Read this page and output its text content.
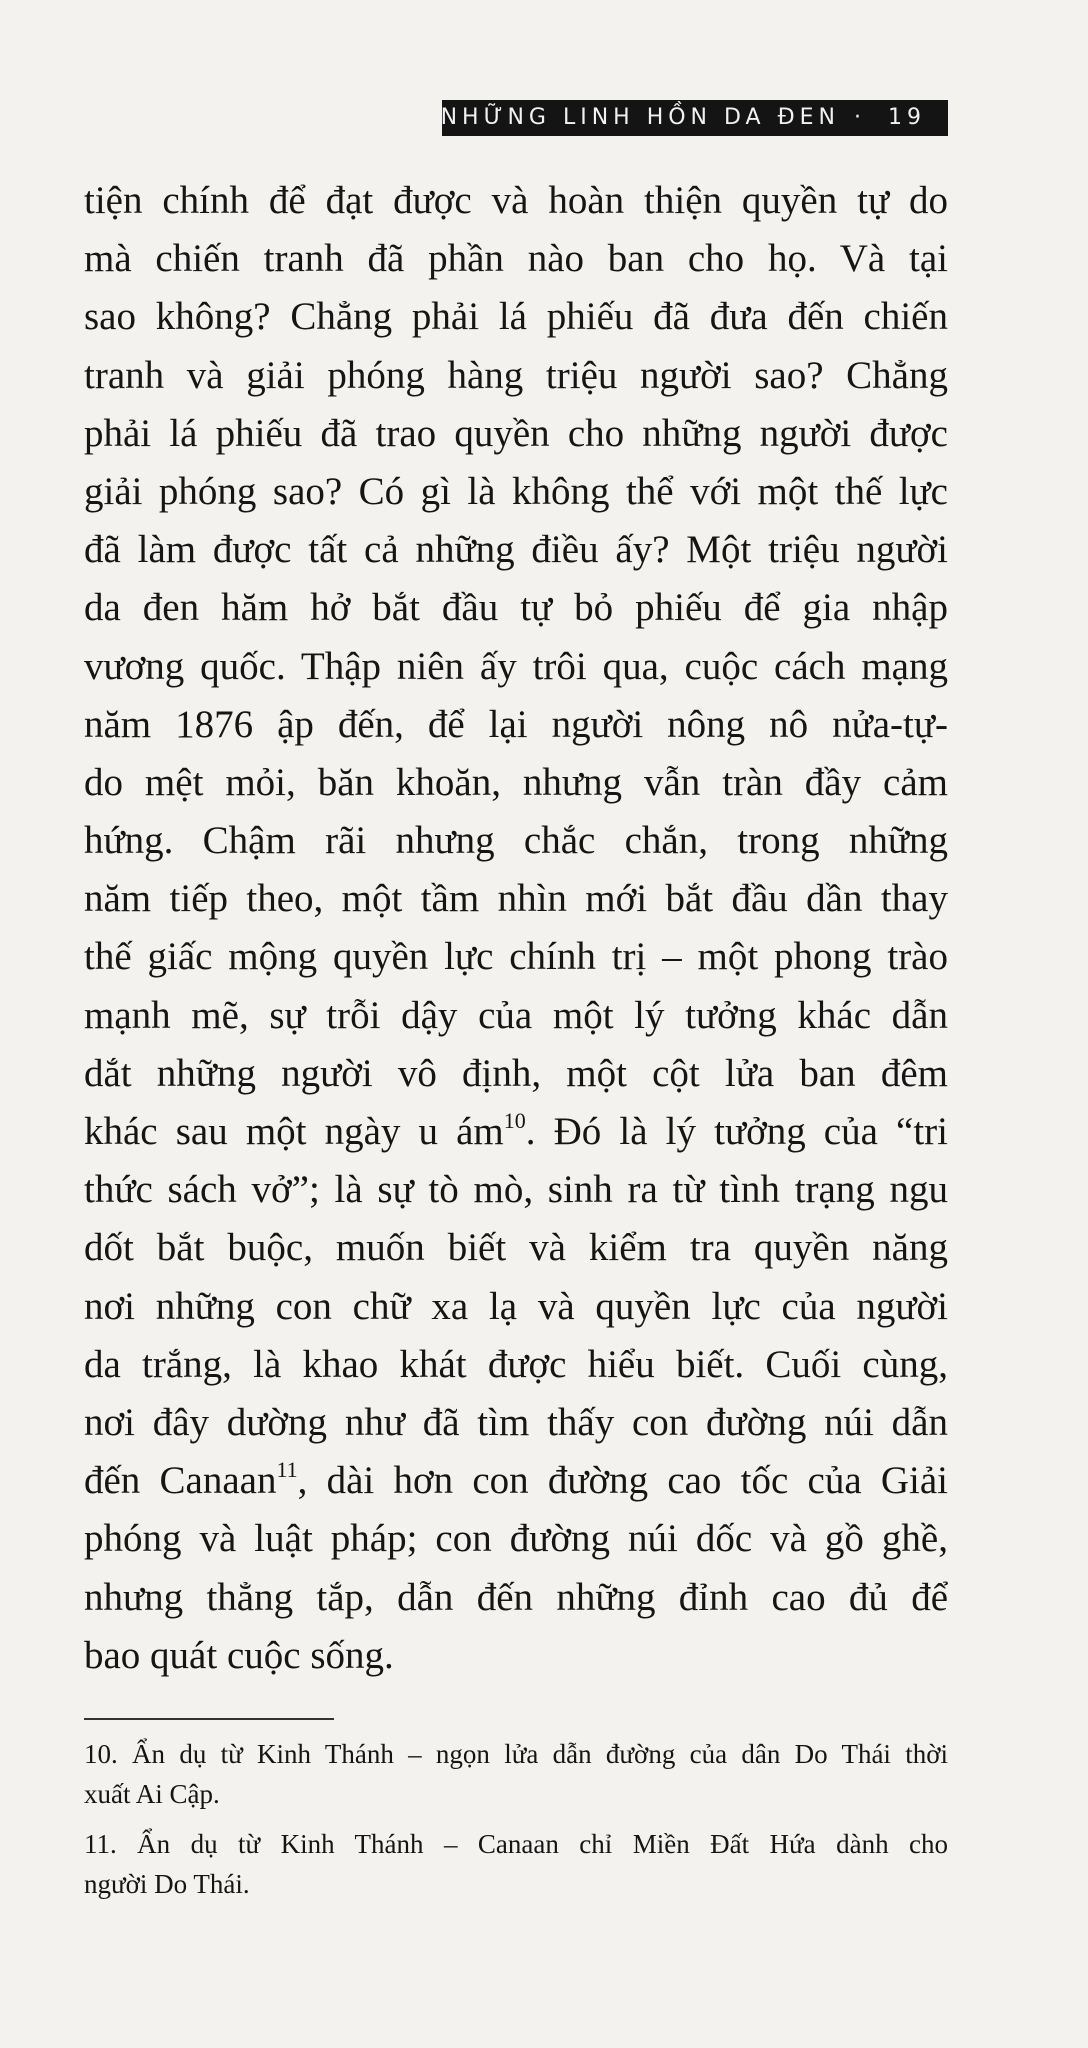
NHỮNG LINH HỒN DA ĐEN · 19
tiện chính để đạt được và hoàn thiện quyền tự do
mà chiến tranh đã phần nào ban cho họ. Và tại
sao không? Chẳng phải lá phiếu đã đưa đến chiến
tranh và giải phóng hàng triệu người sao? Chẳng
phải lá phiếu đã trao quyền cho những người được
giải phóng sao? Có gì là không thể với một thế lực
đã làm được tất cả những điều ấy? Một triệu người
da đen hăm hở bắt đầu tự bỏ phiếu để gia nhập
vương quốc. Thập niên ấy trôi qua, cuộc cách mạng
năm 1876 ập đến, để lại người nông nô nửa-tự-
do mệt mỏi, băn khoăn, nhưng vẫn tràn đầy cảm
hứng. Chậm rãi nhưng chắc chắn, trong những
năm tiếp theo, một tầm nhìn mới bắt đầu dần thay
thế giấc mộng quyền lực chính trị – một phong trào
mạnh mẽ, sự trỗi dậy của một lý tưởng khác dẫn
dắt những người vô định, một cột lửa ban đêm
khác sau một ngày u $ám^{10}$. Đó là lý tưởng của “tri
thức sách vở”; là sự tò mò, sinh ra từ tình trạng ngu
dốt bắt buộc, muốn biết và kiểm tra quyền năng
nơi những con chữ xa lạ và quyền lực của người
da trắng, là khao khát được hiểu biết. Cuối cùng,
nơi đây dường như đã tìm thấy con đường núi dẫn
đến Canaan$^{11}$, dài hơn con đường cao tốc của Giải
phóng và luật pháp; con đường núi dốc và gồ ghề,
nhưng thẳng tắp, dẫn đến những đỉnh cao đủ để
bao quát cuộc sống.
10. Ẩn dụ từ Kinh Thánh – ngọn lửa dẫn đường của dân Do Thái thời
xuất Ai Cập.
11. Ẩn dụ từ Kinh Thánh – Canaan chỉ Miền Đất Hứa dành cho
người Do Thái.
